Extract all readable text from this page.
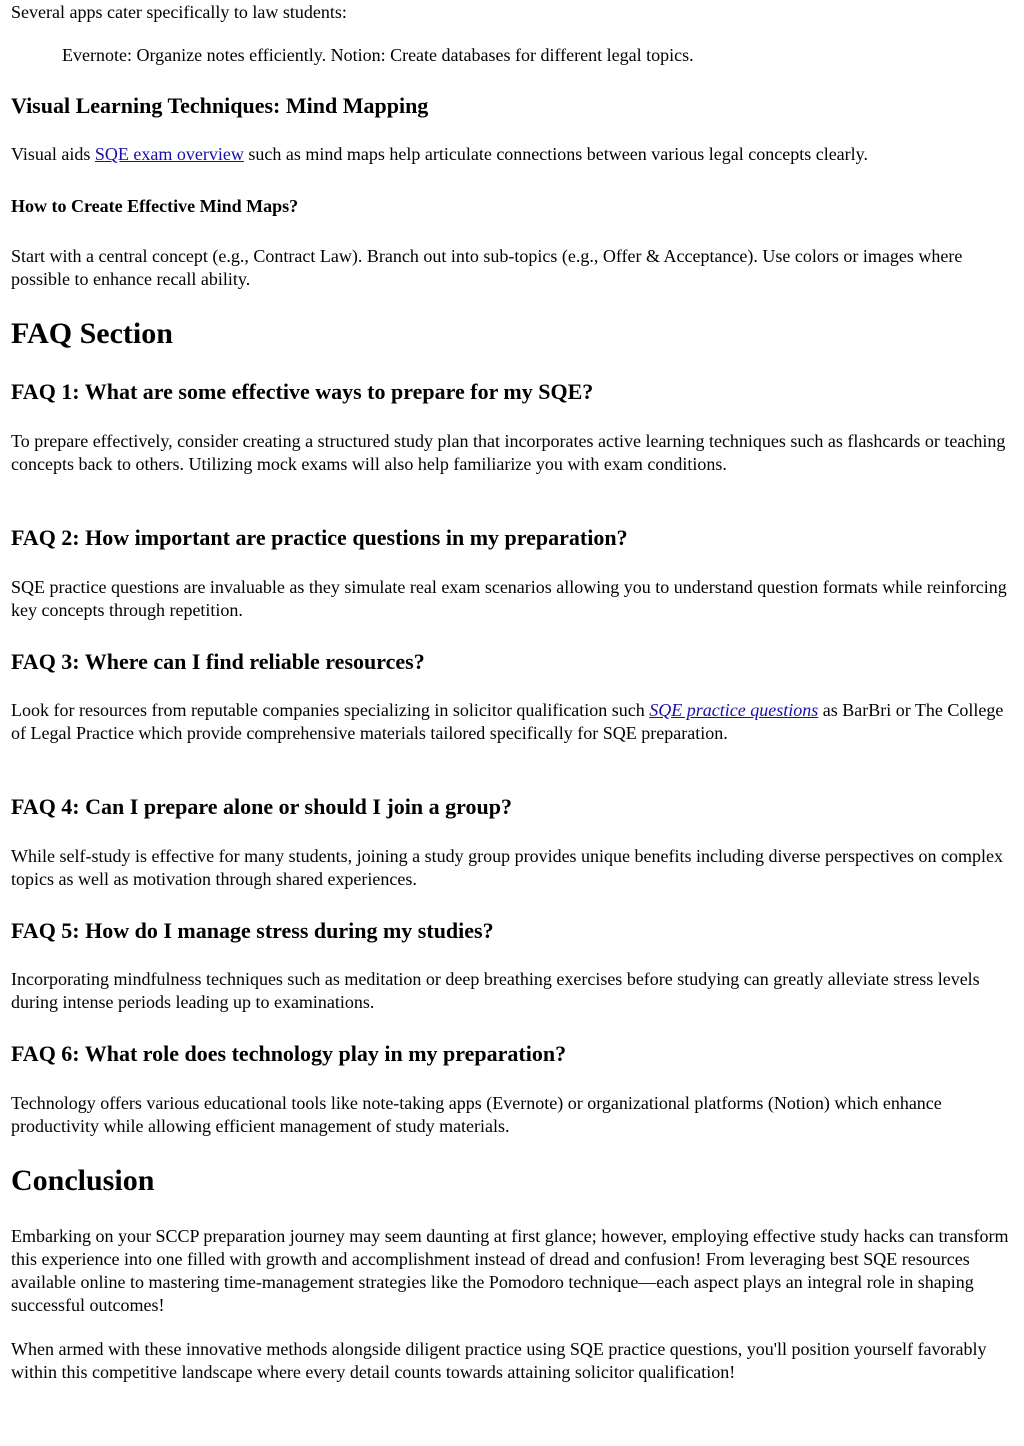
Several apps cater specifically to law students:

Evernote: Organize notes efficiently. Notion: Create databases for different legal topics.

Visual Learning Techniques: Mind Mapping

Visual aids SQE exam overview such as mind maps help articulate connections between various legal concepts clearly.

How to Create Effective Mind Maps?

Start with a central concept (e.g., Contract Law). Branch out into sub-topics (e.g., Offer & Acceptance). Use colors or images where possible to enhance recall ability.

FAQ Section
FAQ 1: What are some effective ways to prepare for my SQE?

To prepare effectively, consider creating a structured study plan that incorporates active learning techniques such as flashcards or teaching concepts back to others. Utilizing mock exams will also help familiarize you with exam conditions.

FAQ 2: How important are practice questions in my preparation?

SQE practice questions are invaluable as they simulate real exam scenarios allowing you to understand question formats while reinforcing key concepts through repetition.

FAQ 3: Where can I find reliable resources?

Look for resources from reputable companies specializing in solicitor qualification such SQE practice questions as BarBri or The College of Legal Practice which provide comprehensive materials tailored specifically for SQE preparation.

FAQ 4: Can I prepare alone or should I join a group?

While self-study is effective for many students, joining a study group provides unique benefits including diverse perspectives on complex topics as well as motivation through shared experiences.

FAQ 5: How do I manage stress during my studies?

Incorporating mindfulness techniques such as meditation or deep breathing exercises before studying can greatly alleviate stress levels during intense periods leading up to examinations.

FAQ 6: What role does technology play in my preparation?

Technology offers various educational tools like note-taking apps (Evernote) or organizational platforms (Notion) which enhance productivity while allowing efficient management of study materials.

Conclusion

Embarking on your SCCP preparation journey may seem daunting at first glance; however, employing effective study hacks can transform this experience into one filled with growth and accomplishment instead of dread and confusion! From leveraging best SQE resources available online to mastering time-management strategies like the Pomodoro technique—each aspect plays an integral role in shaping successful outcomes!

When armed with these innovative methods alongside diligent practice using SQE practice questions, you'll position yourself favorably within this competitive landscape where every detail counts towards attaining solicitor qualification!
